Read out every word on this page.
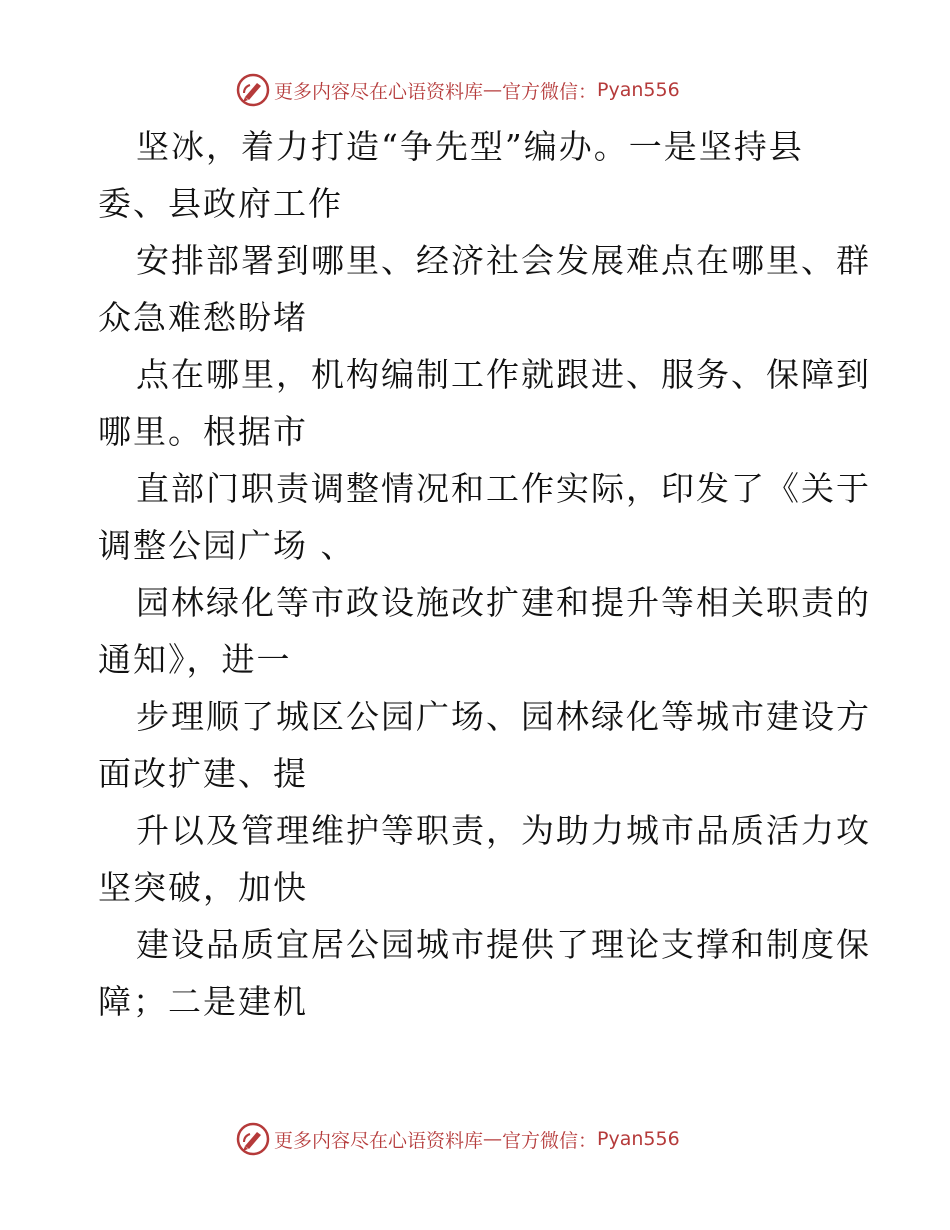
更多内容尽在心语资料库 — 官方微信： Pyan556

坚冰，着力打造“争先型”编办。一是坚持县
委、县政府工作

安排部署到哪里、经济社会发展难点在哪里、群
众急难愁盼堵

点在哪里，机构编制工作就跟进、服务、保障到
哪里。根据市

直部门职责调整情况和工作实际，印发了《关于
调整公园广场 、

园林绿化等市政设施改扩建和提升等相关职责的
通知》，进一

步理顺了城区公园广场、园林绿化等城市建设方
面改扩建、提

升以及管理维护等职责，为助力城市品质活力攻
坚突破，加快

建设品质宜居公园城市提供了理论支撑和制度保
障；二是建机

更多内容尽在心语资料库 — 官方微信： Pyan556
